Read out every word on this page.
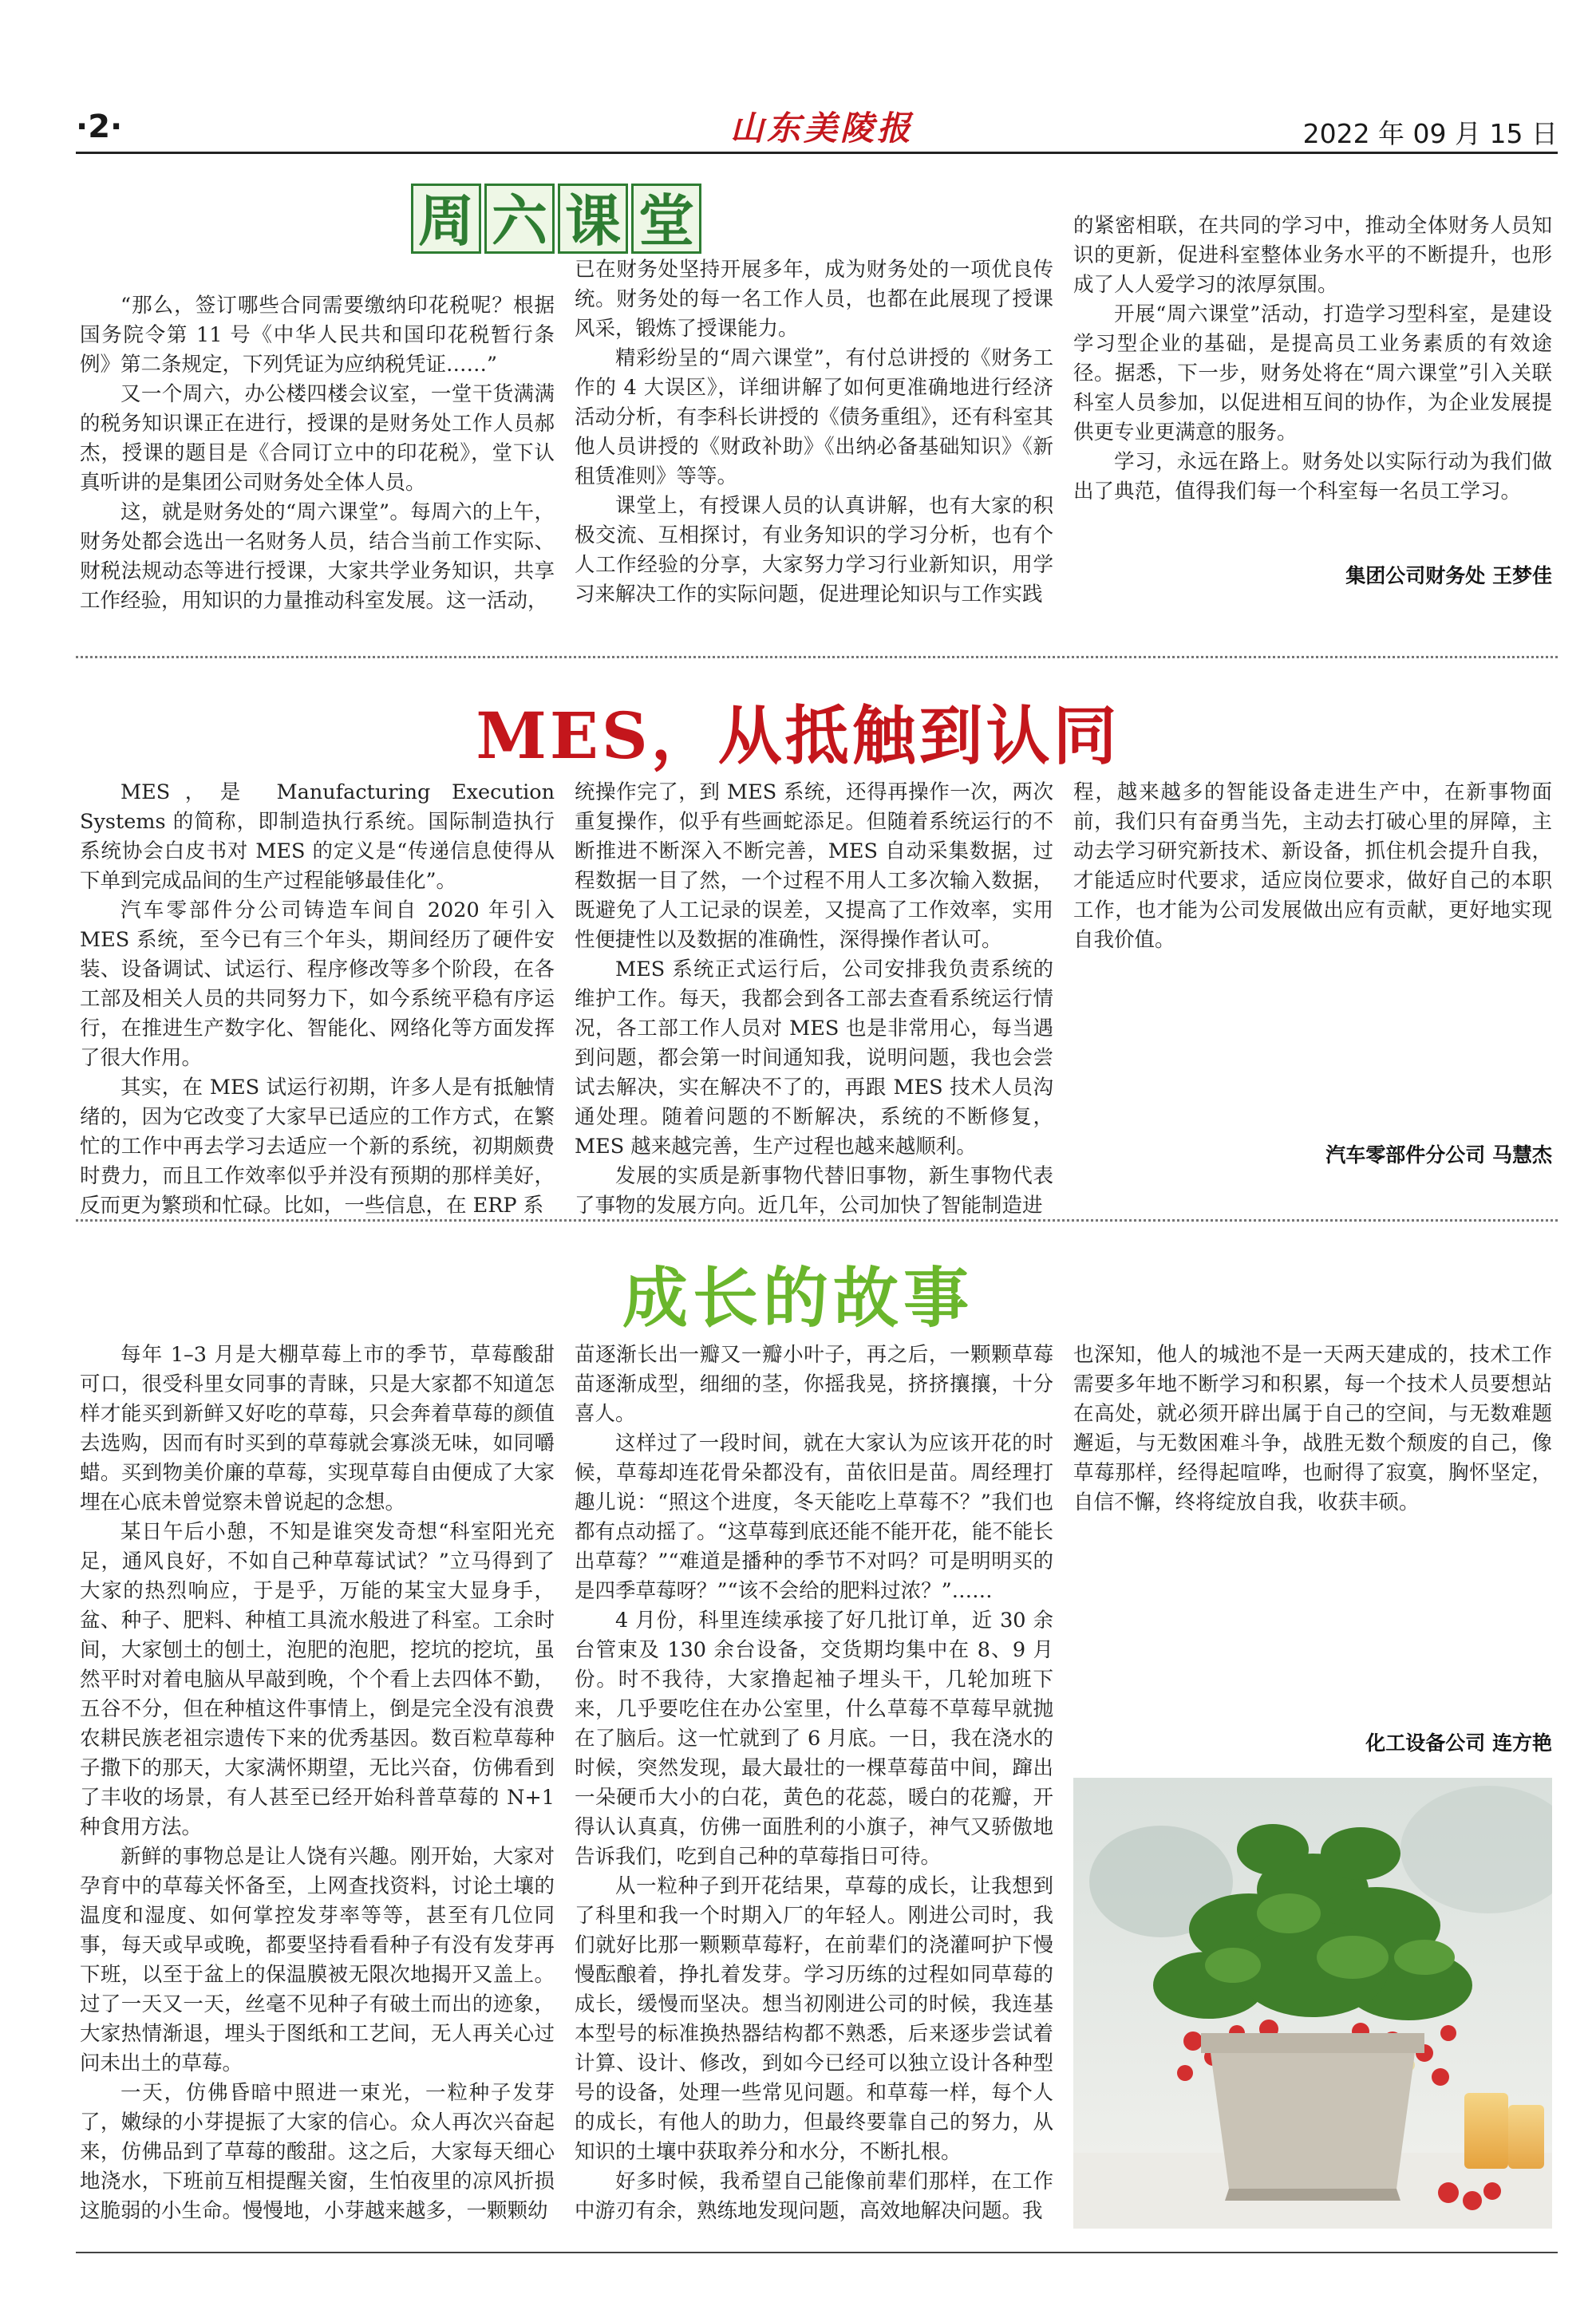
·2·	山东美陵报	2022 年 09 月 15 日
周 六 课 堂

“那么，签订哪些合同需要缴纳印花税呢？根据国务院令第 11 号《中华人民共和国印花税暂行条例》第二条规定，下列凭证为应纳税凭证……”

又一个周六，办公楼四楼会议室，一堂干货满满的税务知识课正在进行，授课的是财务处工作人员郝杰，授课的题目是《合同订立中的印花税》，堂下认真听讲的是集团公司财务处全体人员。

这，就是财务处的“周六课堂”。每周六的上午，财务处都会选出一名财务人员，结合当前工作实际、财税法规动态等进行授课，大家共学业务知识，共享工作经验，用知识的力量推动科室发展。这一活动，

已在财务处坚持开展多年，成为财务处的一项优良传统。财务处的每一名工作人员，也都在此展现了授课风采，锻炼了授课能力。

精彩纷呈的“周六课堂”，有付总讲授的《财务工作的 4 大误区》，详细讲解了如何更准确地进行经济活动分析，有李科长讲授的《债务重组》，还有科室其他人员讲授的《财政补助》《出纳必备基础知识》《新租赁准则》等等。

课堂上，有授课人员的认真讲解，也有大家的积极交流、互相探讨，有业务知识的学习分析，也有个人工作经验的分享，大家努力学习行业新知识，用学习来解决工作的实际问题，促进理论知识与工作实践

的紧密相联，在共同的学习中，推动全体财务人员知识的更新，促进科室整体业务水平的不断提升，也形成了人人爱学习的浓厚氛围。

开展“周六课堂”活动，打造学习型科室，是建设学习型企业的基础，是提高员工业务素质的有效途径。据悉，下一步，财务处将在“周六课堂”引入关联科室人员参加，以促进相互间的协作，为企业发展提供更专业更满意的服务。

学习，永远在路上。财务处以实际行动为我们做出了典范，值得我们每一个科室每一名员工学习。

集团公司财务处 王梦佳
MES，从抵触到认同

MES，是 Manufacturing Execution Systems 的简称，即制造执行系统。国际制造执行系统协会白皮书对 MES 的定义是“传递信息使得从下单到完成品间的生产过程能够最佳化”。

汽车零部件分公司铸造车间自 2020 年引入 MES 系统，至今已有三个年头，期间经历了硬件安装、设备调试、试运行、程序修改等多个阶段，在各工部及相关人员的共同努力下，如今系统平稳有序运行，在推进生产数字化、智能化、网络化等方面发挥了很大作用。

其实，在 MES 试运行初期，许多人是有抵触情绪的，因为它改变了大家早已适应的工作方式，在繁忙的工作中再去学习去适应一个新的系统，初期颇费时费力，而且工作效率似乎并没有预期的那样美好，反而更为繁琐和忙碌。比如，一些信息，在 ERP 系

统操作完了，到 MES 系统，还得再操作一次，两次重复操作，似乎有些画蛇添足。但随着系统运行的不断推进不断深入不断完善，MES 自动采集数据，过程数据一目了然，一个过程不用人工多次输入数据，既避免了人工记录的误差，又提高了工作效率，实用性便捷性以及数据的准确性，深得操作者认可。

MES 系统正式运行后，公司安排我负责系统的维护工作。每天，我都会到各工部去查看系统运行情况，各工部工作人员对 MES 也是非常用心，每当遇到问题，都会第一时间通知我，说明问题，我也会尝试去解决，实在解决不了的，再跟 MES 技术人员沟通处理。随着问题的不断解决，系统的不断修复，MES 越来越完善，生产过程也越来越顺利。

发展的实质是新事物代替旧事物，新生事物代表了事物的发展方向。近几年，公司加快了智能制造进

程，越来越多的智能设备走进生产中，在新事物面前，我们只有奋勇当先，主动去打破心里的屏障，主动去学习研究新技术、新设备，抓住机会提升自我，才能适应时代要求，适应岗位要求，做好自己的本职工作，也才能为公司发展做出应有贡献，更好地实现自我价值。

汽车零部件分公司 马慧杰
成长的故事

每年 1–3 月是大棚草莓上市的季节，草莓酸甜可口，很受科里女同事的青睐，只是大家都不知道怎样才能买到新鲜又好吃的草莓，只会奔着草莓的颜值去选购，因而有时买到的草莓就会寡淡无味，如同嚼蜡。买到物美价廉的草莓，实现草莓自由便成了大家埋在心底未曾觉察未曾说起的念想。

某日午后小憩，不知是谁突发奇想“科室阳光充足，通风良好，不如自己种草莓试试？”立马得到了大家的热烈响应，于是乎，万能的某宝大显身手，盆、种子、肥料、种植工具流水般进了科室。工余时间，大家刨土的刨土，泡肥的泡肥，挖坑的挖坑，虽然平时对着电脑从早敲到晚，个个看上去四体不勤，五谷不分，但在种植这件事情上，倒是完全没有浪费农耕民族老祖宗遗传下来的优秀基因。数百粒草莓种子撒下的那天，大家满怀期望，无比兴奋，仿佛看到了丰收的场景，有人甚至已经开始科普草莓的 N+1 种食用方法。

新鲜的事物总是让人饶有兴趣。刚开始，大家对孕育中的草莓关怀备至，上网查找资料，讨论土壤的温度和湿度、如何掌控发芽率等等，甚至有几位同事，每天或早或晚，都要坚持看看种子有没有发芽再下班，以至于盆上的保温膜被无限次地揭开又盖上。过了一天又一天，丝毫不见种子有破土而出的迹象，大家热情渐退，埋头于图纸和工艺间，无人再关心过问未出土的草莓。

一天，仿佛昏暗中照进一束光，一粒种子发芽了，嫩绿的小芽提振了大家的信心。众人再次兴奋起来，仿佛品到了草莓的酸甜。这之后，大家每天细心地浇水，下班前互相提醒关窗，生怕夜里的凉风折损这脆弱的小生命。慢慢地，小芽越来越多，一颗颗幼

苗逐渐长出一瓣又一瓣小叶子，再之后，一颗颗草莓苗逐渐成型，细细的茎，你摇我晃，挤挤攘攘，十分喜人。

这样过了一段时间，就在大家认为应该开花的时候，草莓却连花骨朵都没有，苗依旧是苗。周经理打趣儿说：“照这个进度，冬天能吃上草莓不？”我们也都有点动摇了。“这草莓到底还能不能开花，能不能长出草莓？”“难道是播种的季节不对吗？可是明明买的是四季草莓呀？”“该不会给的肥料过浓？”……

4 月份，科里连续承接了好几批订单，近 30 余台管束及 130 余台设备，交货期均集中在 8、9 月份。时不我待，大家撸起袖子埋头干，几轮加班下来，几乎要吃住在办公室里，什么草莓不草莓早就抛在了脑后。这一忙就到了 6 月底。一日，我在浇水的时候，突然发现，最大最壮的一棵草莓苗中间，蹿出一朵硬币大小的白花，黄色的花蕊，暖白的花瓣，开得认认真真，仿佛一面胜利的小旗子，神气又骄傲地告诉我们，吃到自己种的草莓指日可待。

从一粒种子到开花结果，草莓的成长，让我想到了科里和我一个时期入厂的年轻人。刚进公司时，我们就好比那一颗颗草莓籽，在前辈们的浇灌呵护下慢慢酝酿着，挣扎着发芽。学习历练的过程如同草莓的成长，缓慢而坚决。想当初刚进公司的时候，我连基本型号的标准换热器结构都不熟悉，后来逐步尝试着计算、设计、修改，到如今已经可以独立设计各种型号的设备，处理一些常见问题。和草莓一样，每个人的成长，有他人的助力，但最终要靠自己的努力，从知识的土壤中获取养分和水分，不断扎根。

好多时候，我希望自己能像前辈们那样，在工作中游刃有余，熟练地发现问题，高效地解决问题。我

也深知，他人的城池不是一天两天建成的，技术工作需要多年地不断学习和积累，每一个技术人员要想站在高处，就必须开辟出属于自己的空间，与无数难题邂逅，与无数困难斗争，战胜无数个颓废的自己，像草莓那样，经得起喧哗，也耐得了寂寞，胸怀坚定，自信不懈，终将绽放自我，收获丰硕。

化工设备公司 连方艳
